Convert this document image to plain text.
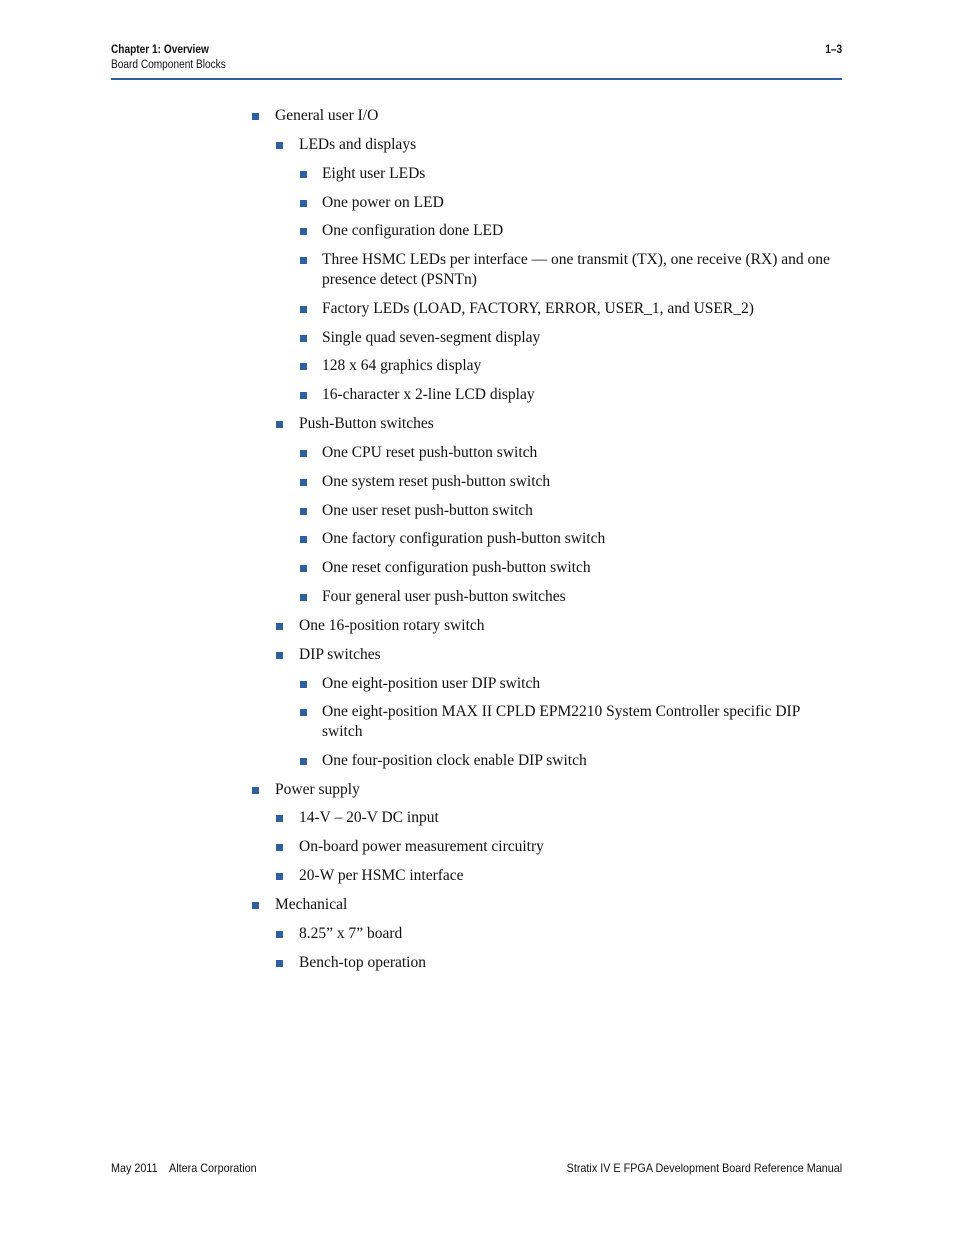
Chapter 1: Overview
Board Component Blocks
1–3
General user I/O
LEDs and displays
Eight user LEDs
One power on LED
One configuration done LED
Three HSMC LEDs per interface — one transmit (TX), one receive (RX) and one presence detect (PSNTn)
Factory LEDs (LOAD, FACTORY, ERROR, USER_1, and USER_2)
Single quad seven-segment display
128 x 64 graphics display
16-character x 2-line LCD display
Push-Button switches
One CPU reset push-button switch
One system reset push-button switch
One user reset push-button switch
One factory configuration push-button switch
One reset configuration push-button switch
Four general user push-button switches
One 16-position rotary switch
DIP switches
One eight-position user DIP switch
One eight-position MAX II CPLD EPM2210 System Controller specific DIP switch
One four-position clock enable DIP switch
Power supply
14-V – 20-V DC input
On-board power measurement circuitry
20-W per HSMC interface
Mechanical
8.25” x 7” board
Bench-top operation
May 2011    Altera Corporation	Stratix IV E FPGA Development Board Reference Manual
